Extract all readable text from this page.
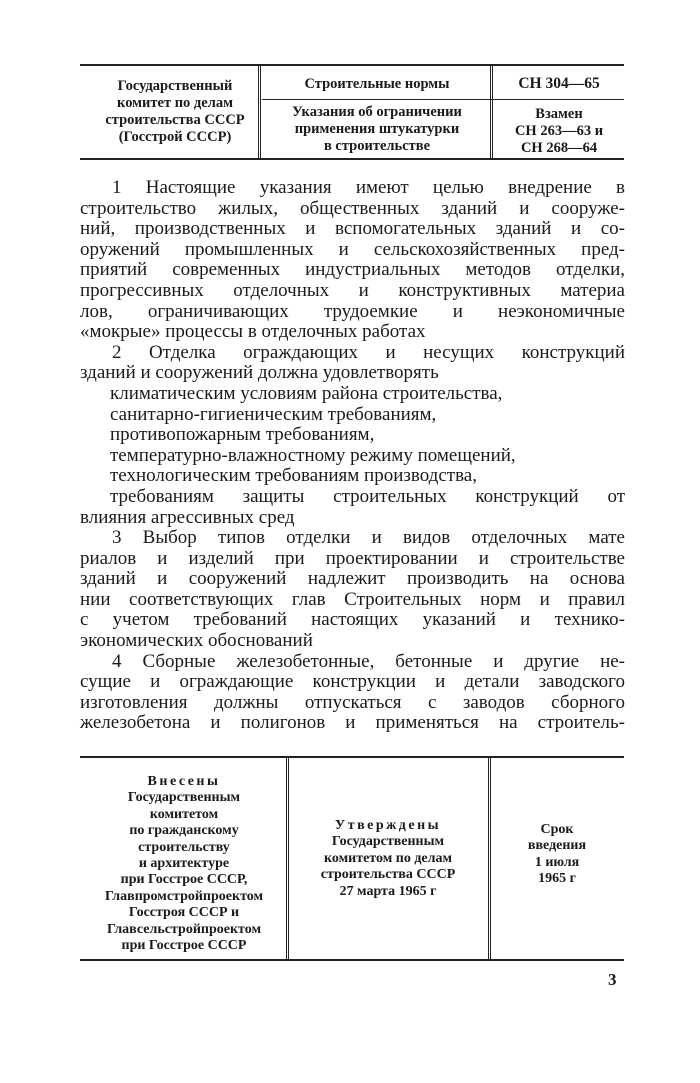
Государственный
комитет по делам
строительства СССР
(Госстрой СССР)
Строительные нормы
Указания об ограничении
применения штукатурки
в строительстве
СН 304—65
Взамен
СН 263—63 и
СН 268—64
1 Настоящие указания имеют целью внедрение в
строительство жилых, общественных зданий и сооруже-
ний, производственных и вспомогательных зданий и со-
оружений промышленных и сельскохозяйственных пред-
приятий современных индустриальных методов отделки,
прогрессивных отделочных и конструктивных материа
лов, ограничивающих трудоемкие и неэкономичные
«мокрые» процессы в отделочных работах
2 Отделка ограждающих и несущих конструкций
зданий и сооружений должна удовлетворять
климатическим условиям района строительства,
санитарно-гигиеническим требованиям,
противопожарным требованиям,
температурно-влажностному режиму помещений,
технологическим требованиям производства,
требованиям защиты строительных конструкций от
влияния агрессивных сред
3 Выбор типов отделки и видов отделочных мате
риалов и изделий при проектировании и строительстве
зданий и сооружений надлежит производить на основа
нии соответствующих глав Строительных норм и правил
с учетом требований настоящих указаний и технико-
экономических обоснований
4 Сборные железобетонные, бетонные и другие не-
сущие и ограждающие конструкции и детали заводского
изготовления должны отпускаться с заводов сборного
железобетона и полигонов и применяться на строитель-
Внесены
Государственным
комитетом
по гражданскому
строительству
и архитектуре
при Госстрое СССР,
Главпромстройпроектом
Госстроя СССР и
Главсельстройпроектом
при Госстрое СССР
Утверждены
Государственным
комитетом по делам
строительства СССР
27 марта 1965 г
Срок
введения
1 июля
1965 г
3
